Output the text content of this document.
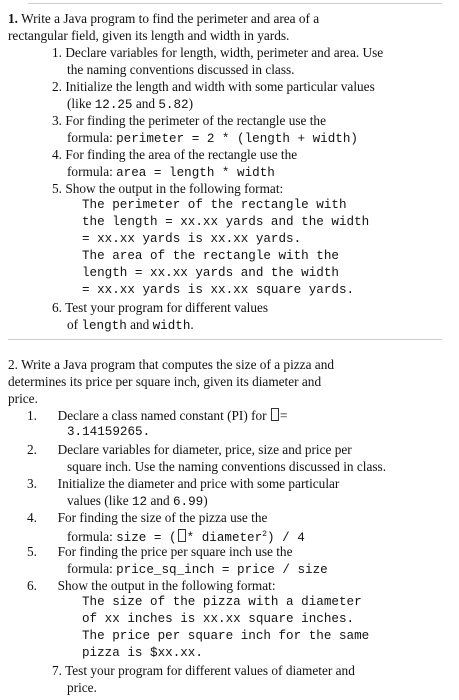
1. Write a Java program to find the perimeter and area of a
rectangular field, given its length and width in yards.
1. Declare variables for length, width, perimeter and area. Use
the naming conventions discussed in class.
2. Initialize the length and width with some particular values
(like 12.25 and 5.82)
3. For finding the perimeter of the rectangle use the
formula: perimeter = 2 * (length + width)
4. For finding the area of the rectangle use the
formula: area = length * width
5. Show the output in the following format:
The perimeter of the rectangle with
the length = xx.xx yards and the width
= xx.xx yards is xx.xx yards.
The area of the rectangle with the
length = xx.xx yards and the width
= xx.xx yards is xx.xx square yards.
6. Test your program for different values
of length and width.
2. Write a Java program that computes the size of a pizza and
determines its price per square inch, given its diameter and
price.
1. Declare a class named constant (PI) for =
3.14159265.
2. Declare variables for diameter, price, size and price per
square inch. Use the naming conventions discussed in class.
3. Initialize the diameter and price with some particular
values (like 12 and 6.99)
4. For finding the size of the pizza use the
formula: size = ( * diameter$^2$) / 4
5. For finding the price per square inch use the
formula: price_sq_inch = price / size
6. Show the output in the following format:
The size of the pizza with a diameter
of xx inches is xx.xx square inches.
The price per square inch for the same
pizza is $xx.xx.
7. Test your program for different values of diameter and
price.
